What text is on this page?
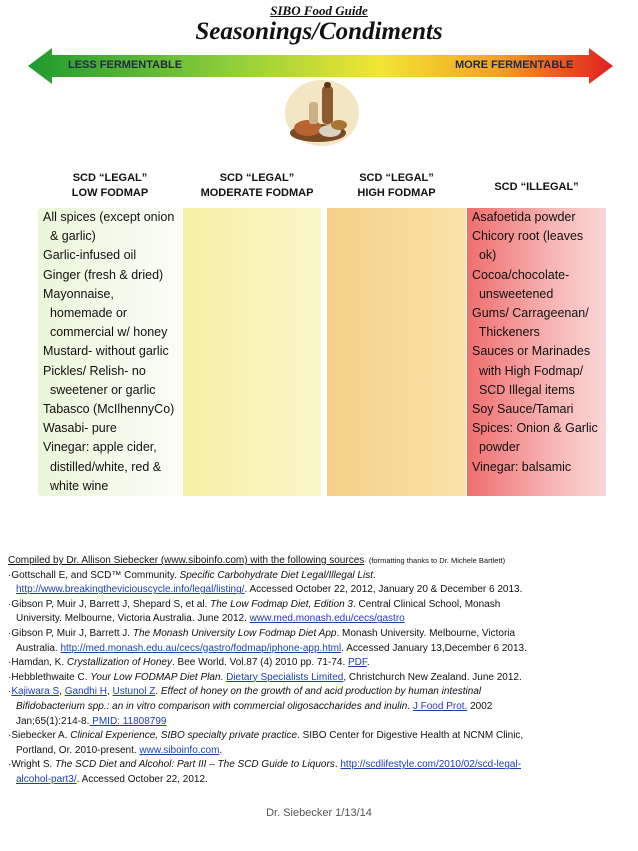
SIBO Food Guide
Seasonings/Condiments
LESS FERMENTABLE	MORE FERMENTABLE
SCD “LEGAL”
LOW FODMAP
SCD “LEGAL”
MODERATE FODMAP
SCD “LEGAL”
HIGH FODMAP	SCD “ILLEGAL”
All spices (except onion
& garlic)
Garlic-infused oil
Ginger (fresh & dried)
Mayonnaise,
homemade or
commercial w/ honey
Mustard- without garlic
Pickles/ Relish- no
sweetener or garlic
Tabasco (McIlhennyCo)
Wasabi- pure
Vinegar: apple cider,
distilled/white, red &
white wine
Asafoetida powder
Chicory root (leaves
ok)
Cocoa/chocolate-
unsweetened
Gums/ Carrageenan/
Thickeners
Sauces or Marinades
with High Fodmap/
SCD Illegal items
Soy Sauce/Tamari
Spices: Onion & Garlic
powder
Vinegar: balsamic
Compiled by Dr. Allison Siebecker (www.siboinfo.com) with the following sources· (formatting thanks to Dr. Michele Bartlett)
·Gottschall E, and SCD™ Community. Specific Carbohydrate Diet Legal/Illegal List.
http://www.breakingtheviciouscycle.info/legal/listing/. Accessed October 22, 2012, January 20 & December 6 2013.
·Gibson P, Muir J, Barrett J, Shepard S, et al. The Low Fodmap Diet, Edition 3. Central Clinical School, Monash
University. Melbourne, Victoria Australia. June 2012. www.med.monash.edu/cecs/gastro
·Gibson P, Muir J, Barrett J. The Monash University Low Fodmap Diet App. Monash University. Melbourne, Victoria
Australia. http://med.monash.edu.au/cecs/gastro/fodmap/iphone-app.html. Accessed January 13,December 6 2013.
·Hamdan, K. Crystallization of Honey. Bee World. Vol.87 (4) 2010 pp. 71-74. PDF.
·Hebblethwaite C. Your Low FODMAP Diet Plan. Dietary Specialists Limited, Christchurch New Zealand. June 2012.
·Kajiwara S, Gandhi H, Ustunol Z. Effect of honey on the growth of and acid production by human intestinal
Bifidobacterium spp.: an in vitro comparison with commercial oligosaccharides and inulin. J Food Prot. 2002
Jan;65(1):214-8. PMID: 11808799
·Siebecker A. Clinical Experience, SIBO specialty private practice. SIBO Center for Digestive Health at NCNM Clinic,
Portland, Or. 2010-present. www.siboinfo.com.
·Wright S. The SCD Diet and Alcohol: Part III – The SCD Guide to Liquors. http://scdlifestyle.com/2010/02/scd-legal-
alcohol-part3/. Accessed October 22, 2012.
Dr. Siebecker 1/13/14
